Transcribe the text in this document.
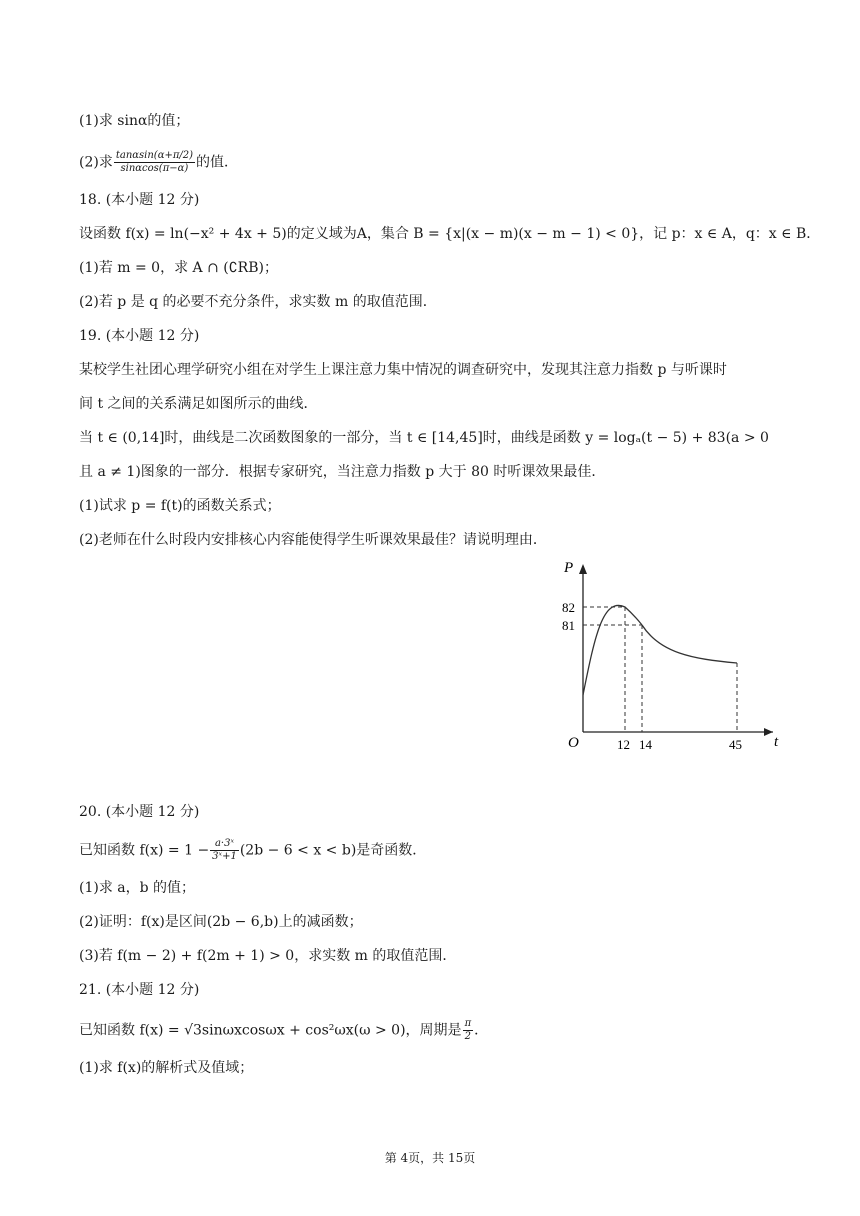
(1)求 sinα的值；
(2)求 $\frac{\tan\alpha\sin(\alpha+\pi/2)}{\sin\alpha\cos(\pi-\alpha)}$ 的值．
18. (本小题 12 分)
设函数 f(x) = ln(−x² + 4x + 5)的定义域为A，集合 B = {x|(x − m)(x − m − 1) < 0}，记 p：x ∈ A，q：x ∈ B．
(1)若 m = 0，求 A ∩ (∁RB)；
(2)若 p 是 q 的必要不充分条件，求实数 m 的取值范围．
19. (本小题 12 分)
某校学生社团心理学研究小组在对学生上课注意力集中情况的调查研究中，发现其注意力指数 p 与听课时
间 t 之间的关系满足如图所示的曲线．
当 t ∈ (0,14]时，曲线是二次函数图象的一部分，当 t ∈ [14,45]时，曲线是函数 y = logₐ(t − 5) + 83(a > 0
且 a ≠ 1)图象的一部分．根据专家研究，当注意力指数 p 大于 80 时听课效果最佳．
(1)试求 p = f(t)的函数关系式；
(2)老师在什么时段内安排核心内容能使得学生听课效果最佳？请说明理由．
P
t
O
82
81
12 14	45
20. (本小题 12 分)
已知函数 $f(x) = 1 - \frac{\text{a·3ˣ}}{\text{3ˣ+1}} (2b - 6 < x < b)$是奇函数．
(1)求 a，b 的值；
(2)证明：f(x)是区间(2b − 6,b)上的减函数；
(3)若 f(m − 2) + f(2m + 1) > 0，求实数 m 的取值范围．
21. (本小题 12 分)
已知函数 f(x) = √3sinωxcosωx + cos²ωx(ω > 0)，周期是 $\frac{\pi}{2}$ ．
(1)求 f(x)的解析式及值域；
第 4页，共 15页
